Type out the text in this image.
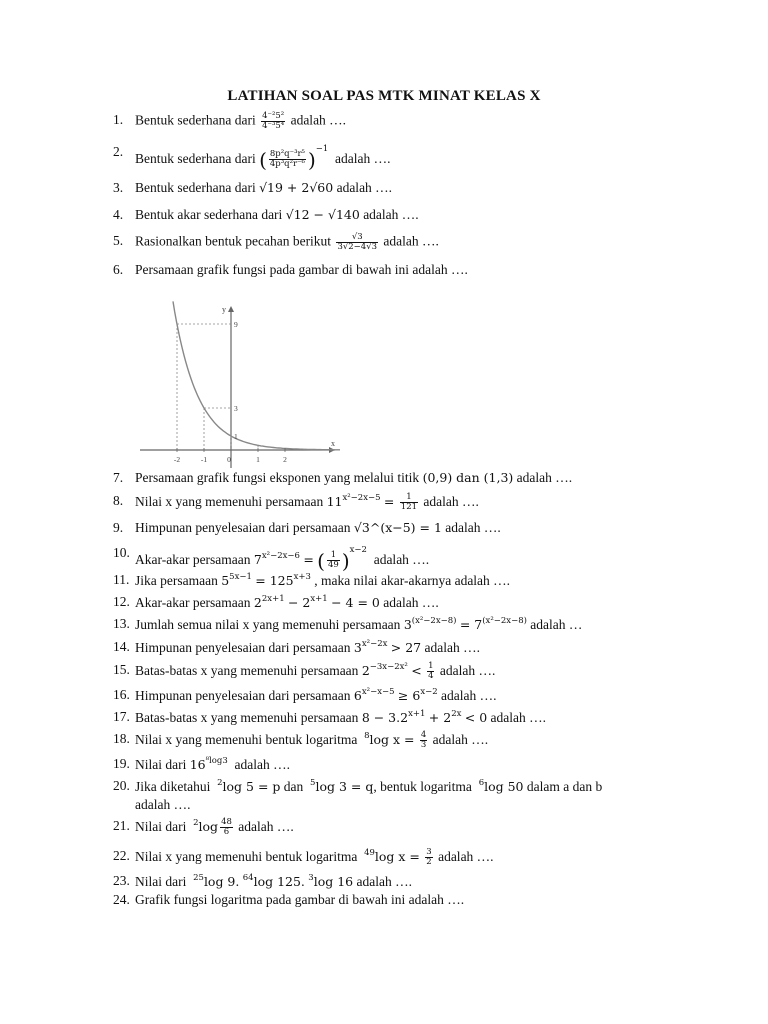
LATIHAN SOAL PAS MTK MINAT KELAS X
1. Bentuk sederhana dari $\frac{\text{4⁻²5²}}{\text{4⁻³5⁴}}$ adalah ….
2. Bentuk sederhana dari ( $\frac{\text{8p²q⁻³r⁵}}{\text{4p³q²r⁻⁶}} )^{-1}$  adalah ….
3. Bentuk sederhana dari √19 + 2√60 adalah ….
4. Bentuk akar sederhana dari √12 − √140 adalah ….
5. Rasionalkan bentuk pecahan berikut $\frac{√3}{3√2-4√3}$ adalah ….
6. Persamaan grafik fungsi pada gambar di bawah ini adalah ….
y
x
-2	-1	0	1	2
9
3
1
7. Persamaan grafik fungsi eksponen yang melalui titik (0,9) dan (1,3) adalah ….
8. Nilai x yang memenuhi persamaan $11^{x^2-2x-5} = \frac{1}{121}$ adalah ….
9. Himpunan penyelesaian dari persamaan √3^(x−5) = 1 adalah ….
10. Akar-akar persamaan $7^{x^2-2x-6}$ = ( $\frac{1}{49} )^{x-2}$  adalah ….
11. Jika persamaan $5^{5x-1} = 125^{x+3}$ , maka nilai akar-akarnya adalah ….
12. Akar-akar persamaan $2^{2x+1} - 2^{x+1} - 4 = 0$ adalah ….
13. Jumlah semua nilai x yang memenuhi persamaan $3^{(x^2-2x-8)} = 7^{(x^2-2x-8)}$ adalah …
14. Himpunan penyelesaian dari persamaan $3^{x^2-2x} > 27$ adalah ….
15. Batas-batas x yang memenuhi persamaan $2^{-3x-2x^2} < \frac{1}{4}$ adalah ….
16. Himpunan penyelesaian dari persamaan $6^{x^2-x-5} \ge 6^{x-2}$ adalah ….
17. Batas-batas x yang memenuhi persamaan $8 - 3.2^{x+1} + 2^{2x} < 0$ adalah ….
18. Nilai x yang memenuhi bentuk logaritma $^8$log $x = \frac{4}{3}$ adalah ….
19. Nilai dari $16^{^8log3}$ adalah ….
20. Jika diketahui $^2$log 5 = p dan $^5$log 3 = q, bentuk logaritma $^6$log 50 dalam a dan b
adalah ….
21. Nilai dari $^2\log \frac{48}{6}$ adalah ….
22. Nilai x yang memenuhi bentuk logaritma $^{49}$log $x = \frac{3}{2}$ adalah ….
23. Nilai dari $^{25}$log 9. $^{64}$log 125. $^3$log 16 adalah ….
24. Grafik fungsi logaritma pada gambar di bawah ini adalah ….
